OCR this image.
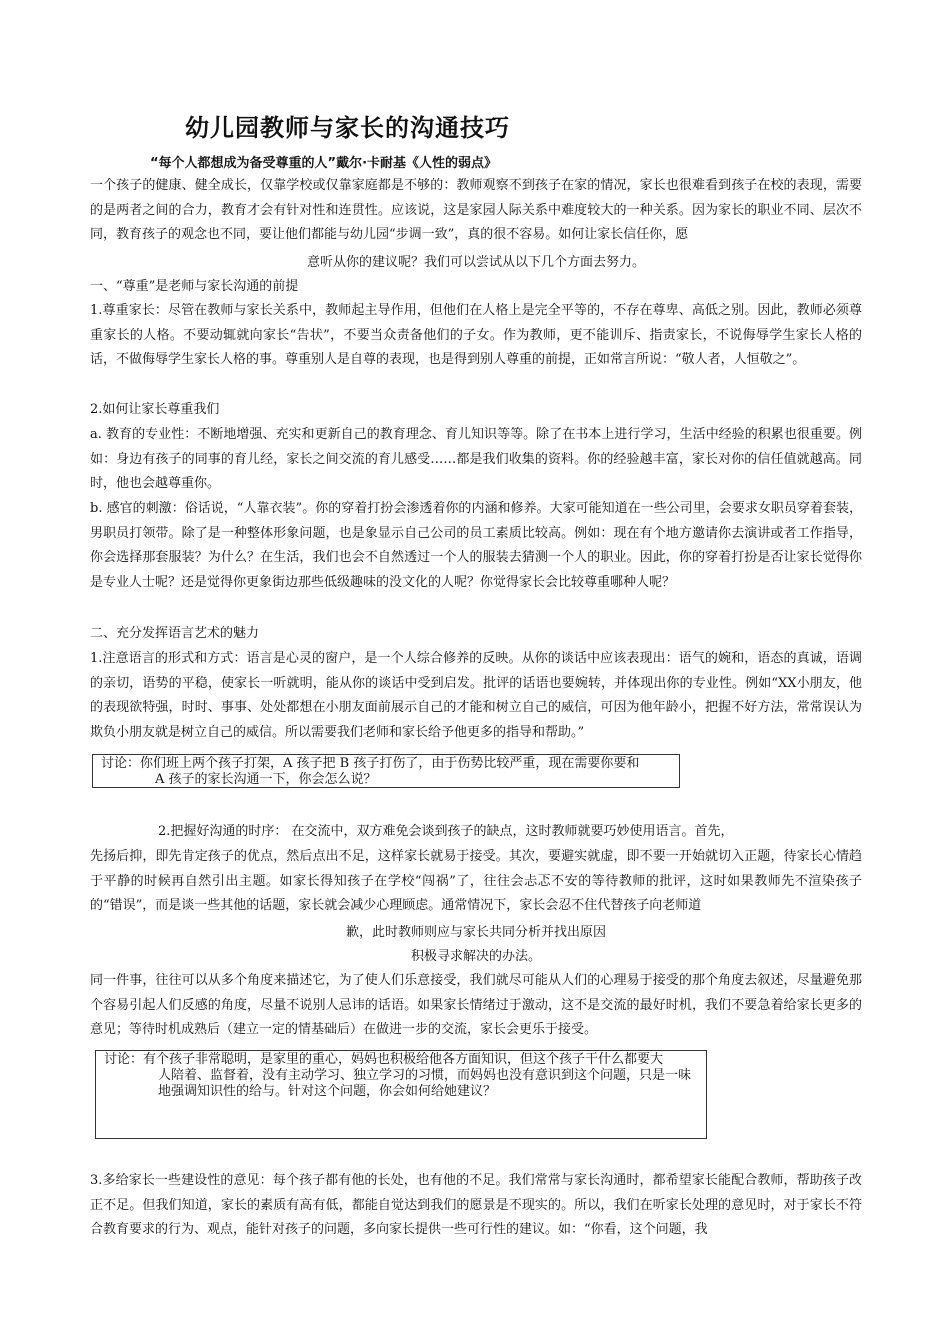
幼儿园教师与家长的沟通技巧
“每个人都想成为备受尊重的人”戴尔·卡耐基《人性的弱点》

一个孩子的健康、健全成长，仅靠学校或仅靠家庭都是不够的：教师观察不到孩子在家的情况，家长也很难看到孩子在校的表现，需要的是两者之间的合力，教育才会有针对性和连贯性。应该说，这是家园人际关系中难度较大的一种关系。因为家长的职业不同、层次不同，教育孩子的观念也不同，要让他们都能与幼儿园“步调一致”，真的很不容易。如何让家长信任你，愿

意听从你的建议呢？我们可以尝试从以下几个方面去努力。

一、“尊重”是老师与家长沟通的前提

1.尊重家长：尽管在教师与家长关系中，教师起主导作用，但他们在人格上是完全平等的，不存在尊卑、高低之别。因此，教师必须尊重家长的人格。不要动辄就向家长“告状”，不要当众责备他们的子女。作为教师，更不能训斥、指责家长，不说侮辱学生家长人格的话，不做侮辱学生家长人格的事。尊重别人是自尊的表现，也是得到别人尊重的前提，正如常言所说：“敬人者，人恒敬之”。

2.如何让家长尊重我们

a. 教育的专业性：不断地增强、充实和更新自己的教育理念、育儿知识等等。除了在书本上进行学习，生活中经验的积累也很重要。例如：身边有孩子的同事的育儿经，家长之间交流的育儿感受……都是我们收集的资料。你的经验越丰富，家长对你的信任值就越高。同时，他也会越尊重你。

b. 感官的刺激：俗话说，“人靠衣装”。你的穿着打扮会渗透着你的内涵和修养。大家可能知道在一些公司里，会要求女职员穿着套装，男职员打领带。除了是一种整体形象问题，也是象显示自己公司的员工素质比较高。例如：现在有个地方邀请你去演讲或者工作指导，你会选择那套服装？为什么？在生活，我们也会不自然透过一个人的服装去猜测一个人的职业。因此，你的穿着打扮是否让家长觉得你是专业人士呢？还是觉得你更象街边那些低级趣味的没文化的人呢？你觉得家长会比较尊重哪种人呢？

二、充分发挥语言艺术的魅力

1.注意语言的形式和方式：语言是心灵的窗户，是一个人综合修养的反映。从你的谈话中应该表现出：语气的婉和，语态的真诚，语调的亲切，语势的平稳，使家长一听就明，能从你的谈话中受到启发。批评的话语也要婉转，并体现出你的专业性。例如“XX小朋友，他的表现欲特强，时时、事事、处处都想在小朋友面前展示自己的才能和树立自己的威信，可因为他年龄小，把握不好方法，常常误认为欺负小朋友就是树立自己的威信。所以需要我们老师和家长给予他更多的指导和帮助。”

讨论：你们班上两个孩子打架，A 孩子把 B 孩子打伤了，由于伤势比较严重，现在需要你要和
A 孩子的家长沟通一下，你会怎么说？

2.把握好沟通的时序： 在交流中，双方难免会谈到孩子的缺点，这时教师就要巧妙使用语言。首先，

先扬后抑，即先肯定孩子的优点，然后点出不足，这样家长就易于接受。其次，要避实就虚，即不要一开始就切入正题，待家长心情趋于平静的时候再自然引出主题。如家长得知孩子在学校“闯祸”了，往往会忐忑不安的等待教师的批评，这时如果教师先不渲染孩子的“错误”，而是谈一些其他的话题，家长就会减少心理顾虑。通常情况下，家长会忍不住代替孩子向老师道

歉，此时教师则应与家长共同分析并找出原因

积极寻求解决的办法。

同一件事，往往可以从多个角度来描述它，为了使人们乐意接受，我们就尽可能从人们的心理易于接受的那个角度去叙述，尽量避免那个容易引起人们反感的角度，尽量不说别人忌讳的话语。如果家长情绪过于激动，这不是交流的最好时机，我们不要急着给家长更多的意见；等待时机成熟后（建立一定的情基础后）在做进一步的交流，家长会更乐于接受。

讨论：有个孩子非常聪明，是家里的重心，妈妈也积极给他各方面知识，但这个孩子干什么都要大
人陪着、监督着，没有主动学习、独立学习的习惯，而妈妈也没有意识到这个问题，只是一味地强调知识性的给与。针对这个问题，你会如何给她建议？

3.多给家长一些建设性的意见：每个孩子都有他的长处，也有他的不足。我们常常与家长沟通时，都希望家长能配合教师，帮助孩子改正不足。但我们知道，家长的素质有高有低，都能自觉达到我们的愿景是不现实的。所以，我们在听家长处理的意见时，对于家长不符合教育要求的行为、观点，能针对孩子的问题，多向家长提供一些可行性的建议。如：“你看，这个问题，我
